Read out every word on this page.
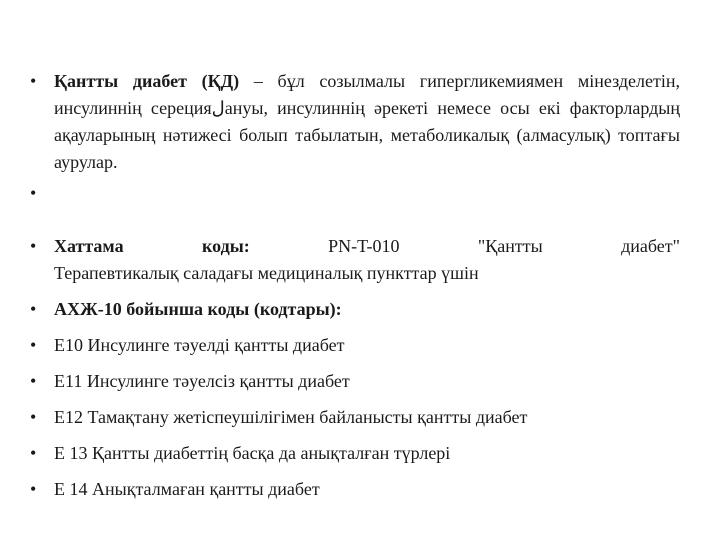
• Қантты диабет (ҚД) – бұл созылмалы гипергликемиямен мінезделетін, инсулиннің серецияلануы, инсулиннің әрекеті немесе осы екі факторлардың ақауларының нәтижесі болып табылатын, метаболикалық (алмасулық) топтағы аурулар.
•

• Хаттама коды: PN-T-010 "Қантты диабет"
Терапевтикалық саладағы медициналық пункттар үшін
• АХЖ-10 бойынша коды (кодтары):
• E10 Инсулинге тәуелді қантты диабет
• E11 Инсулинге тәуелсіз қантты диабет
• E12 Тамақтану жетіспеушілігімен байланысты қантты диабет
• E 13 Қантты диабеттің басқа да анықталған түрлері
• E 14 Анықталмаған қантты диабет
